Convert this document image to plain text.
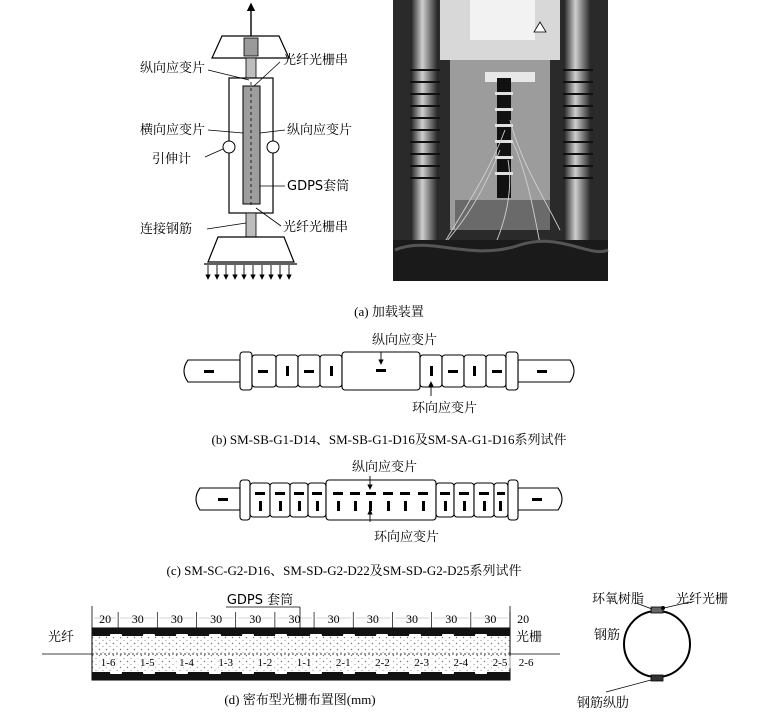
纵向应变片
光纤光栅串
横向应变片	纵向应变片
引伸计
GDPS套筒
连接钢筋	光纤光栅串
(a) 加载装置
纵向应变片
环向应变片
(b) SM-SB-G1-D14、SM-SB-G1-D16及SM-SA-G1-D16系列试件
纵向应变片
环向应变片
(c) SM-SC-G2-D16、SM-SD-G2-D22及SM-SD-G2-D25系列试件
GDPS 套筒
20 30 30 30 30 30 30 30 30 30 30 20
1-6 1-5 1-4 1-3 1-2 1-1 2-1 2-2 2-3 2-4 2-5 2-6
光纤	光栅
(d) 密布型光栅布置图(mm)
环氧树脂 光纤光栅
钢筋
钢筋纵肋
